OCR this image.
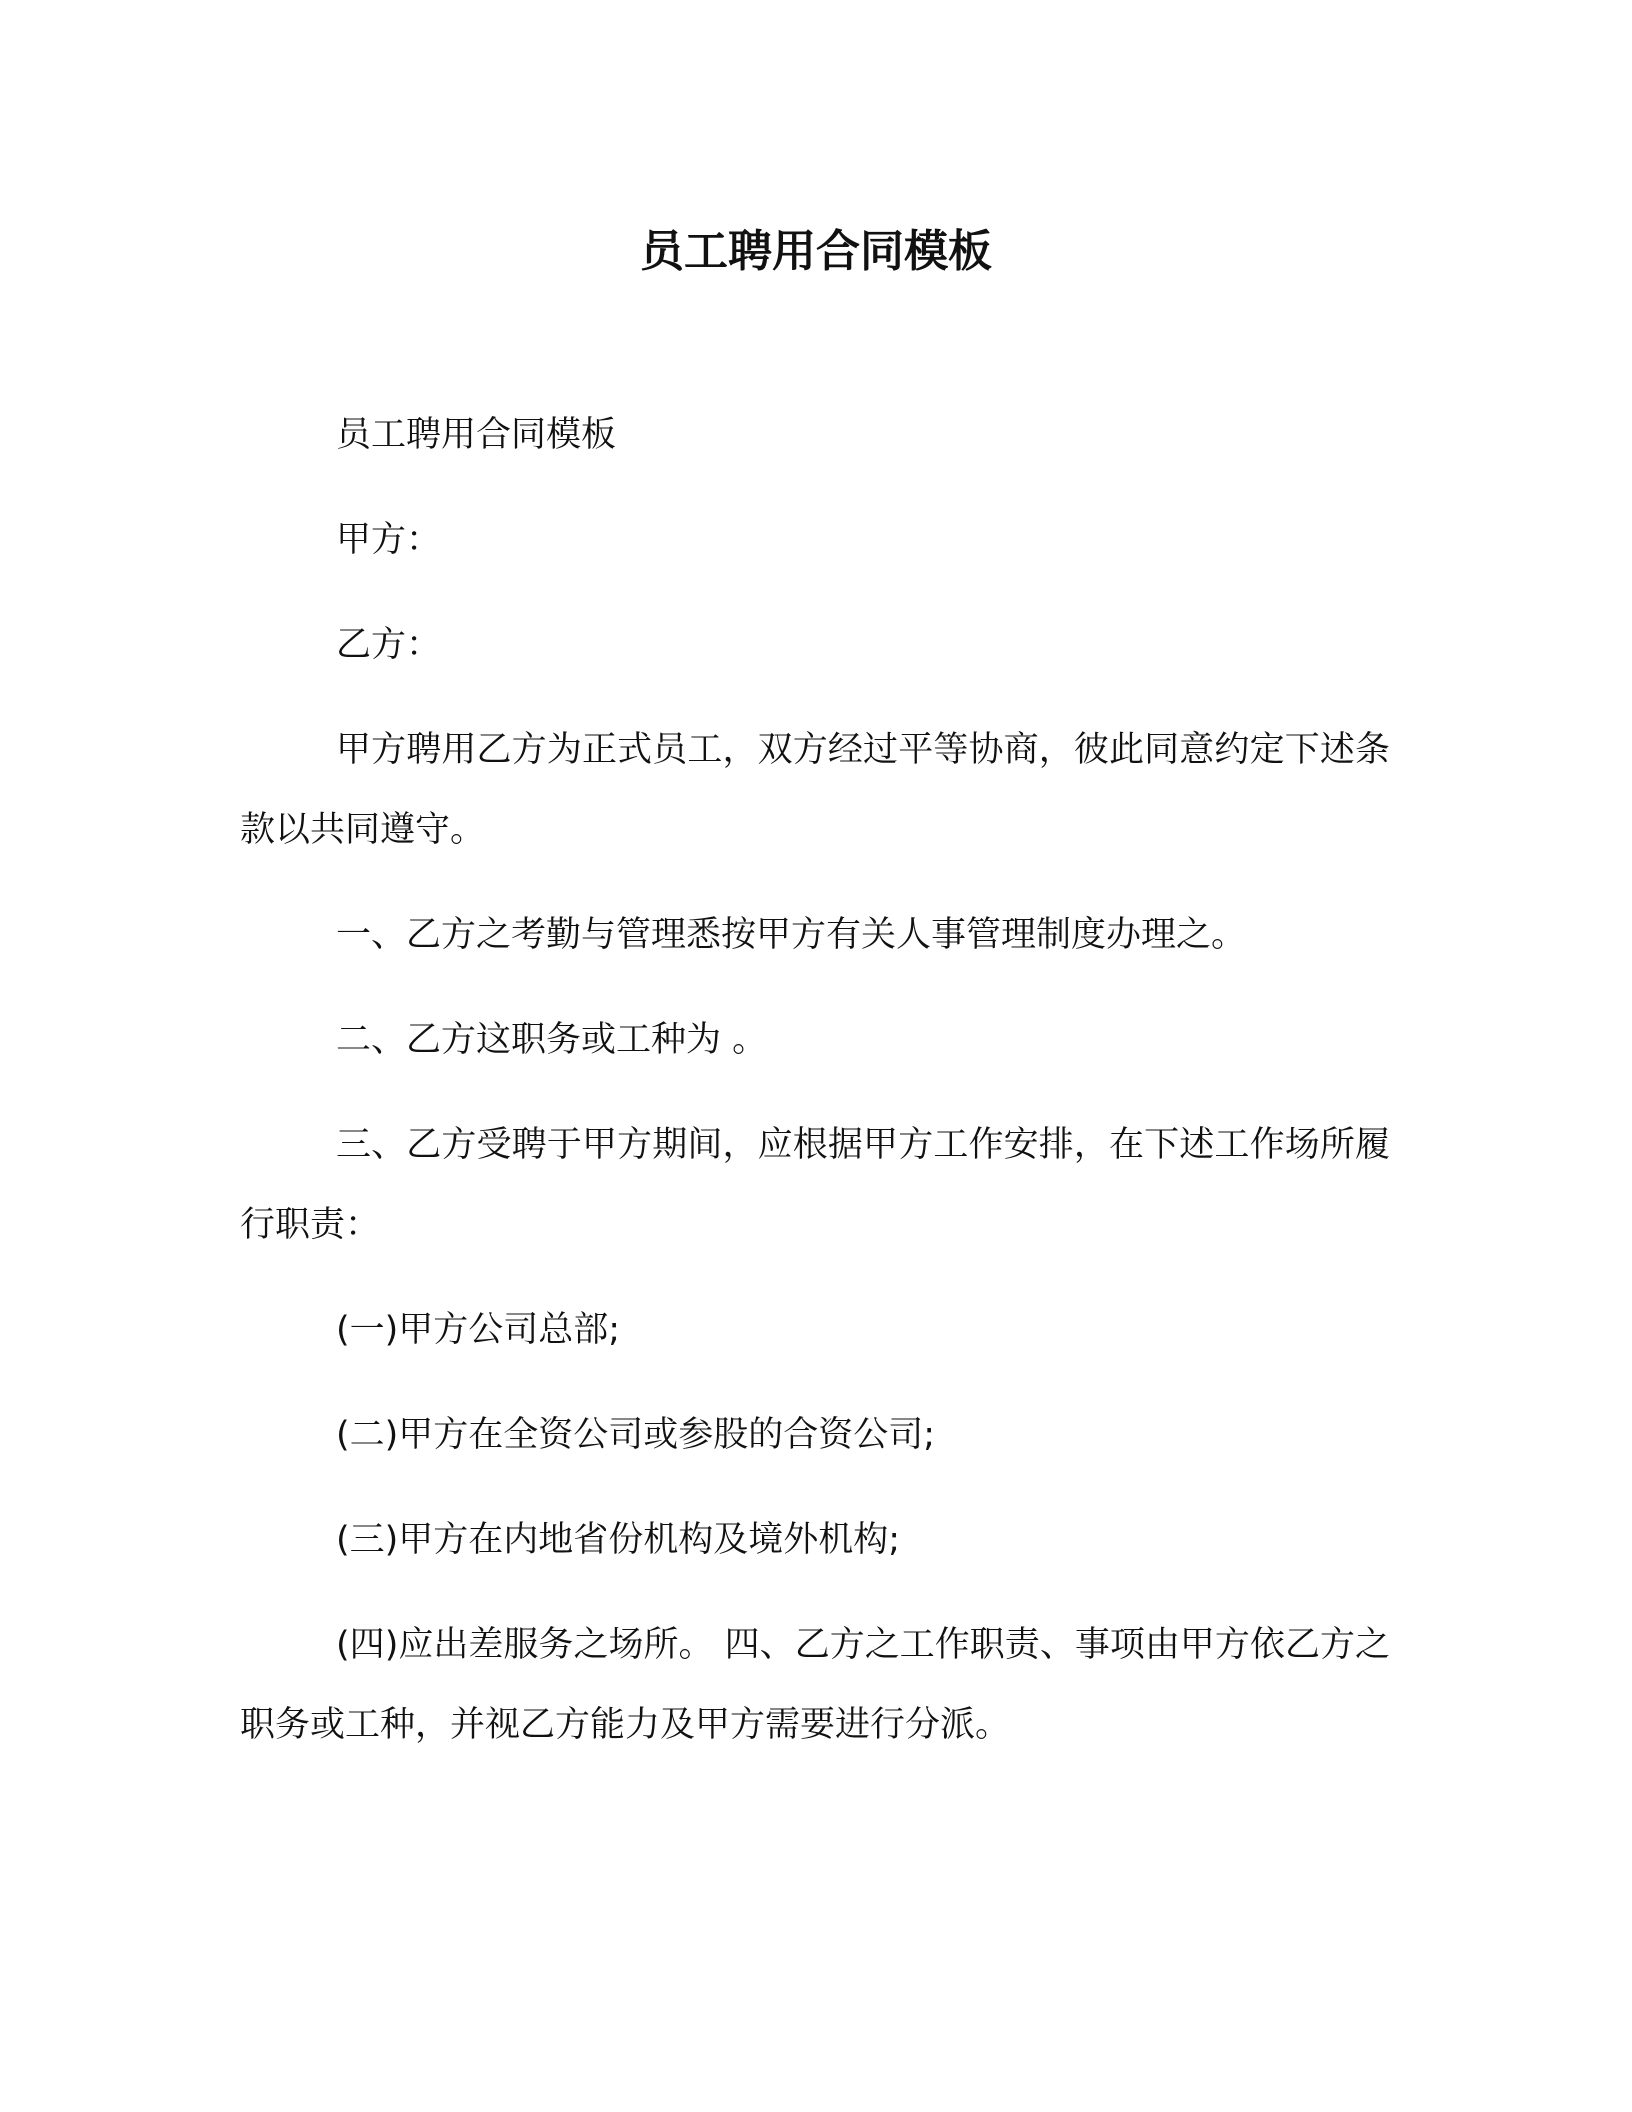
员工聘用合同模板

员工聘用合同模板

甲方：

乙方：

甲方聘用乙方为正式员工，双方经过平等协商，彼此同意约定下述条款以共同遵守。

一、乙方之考勤与管理悉按甲方有关人事管理制度办理之。

二、乙方这职务或工种为 。

三、乙方受聘于甲方期间，应根据甲方工作安排，在下述工作场所履行职责：

(一)甲方公司总部;

(二)甲方在全资公司或参股的合资公司;

(三)甲方在内地省份机构及境外机构;

(四)应出差服务之场所。 四、乙方之工作职责、事项由甲方依乙方之职务或工种，并视乙方能力及甲方需要进行分派。
